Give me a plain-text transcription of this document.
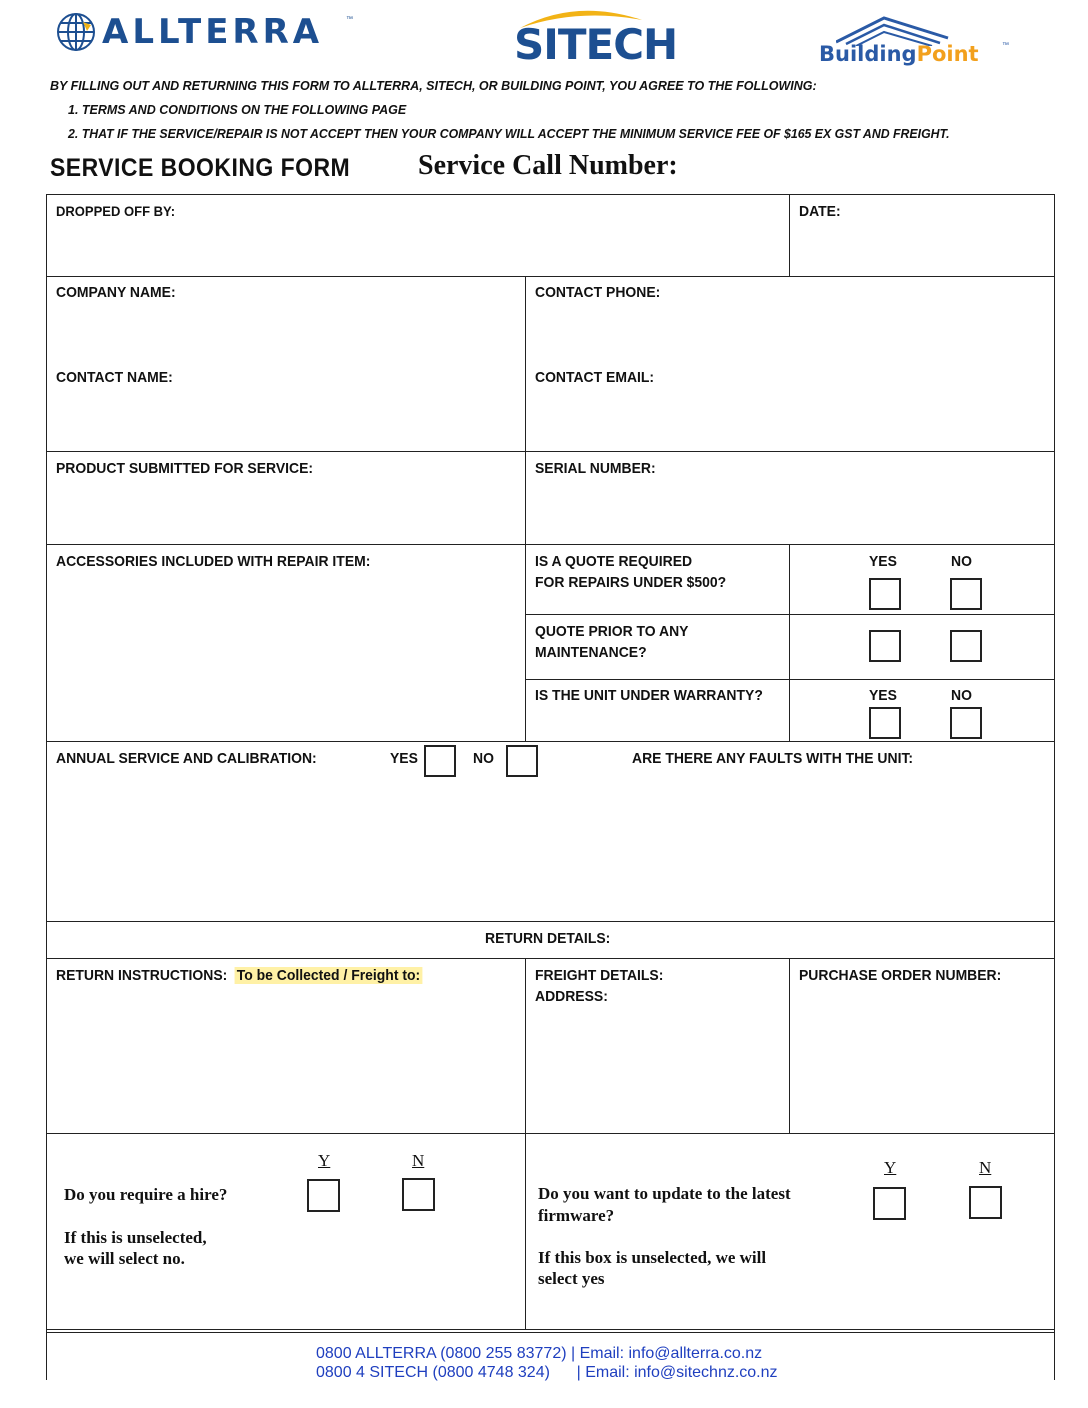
ALLTERRA	™
SITECH	BuildingPoint	™
BY FILLING OUT AND RETURNING THIS FORM TO ALLTERRA, SITECH, OR BUILDING POINT, YOU AGREE TO THE FOLLOWING:
1. TERMS AND CONDITIONS ON THE FOLLOWING PAGE
2. THAT IF THE SERVICE/REPAIR IS NOT ACCEPT THEN YOUR COMPANY WILL ACCEPT THE MINIMUM SERVICE FEE OF $165 EX GST AND FREIGHT.
SERVICE BOOKING FORM Service Call Number:
DROPPED OFF BY:	DATE:
COMPANY NAME:	CONTACT PHONE:
CONTACT NAME:	CONTACT EMAIL:
PRODUCT SUBMITTED FOR SERVICE:	SERIAL NUMBER:
ACCESSORIES INCLUDED WITH REPAIR ITEM:	IS A QUOTE REQUIRED
FOR REPAIRS UNDER $500?
YES	NO
QUOTE PRIOR TO ANY
MAINTENANCE?
IS THE UNIT UNDER WARRANTY?	YES	NO
ANNUAL SERVICE AND CALIBRATION:	YES	NO	ARE THERE ANY FAULTS WITH THE UNIT:
RETURN DETAILS:
RETURN INSTRUCTIONS: To be Collected / Freight to:	FREIGHT DETAILS:
ADDRESS:
PURCHASE ORDER NUMBER:
Do you require a hire?
If this is unselected,
we will select no.
Y	N
Do you want to update to the latest
firmware?
If this box is unselected, we will
select yes
Y	N
0800 ALLTERRA (0800 255 83772) | Email: info@allterra.co.nz
0800 4 SITECH (0800 4748 324)      | Email: info@sitechnz.co.nz
